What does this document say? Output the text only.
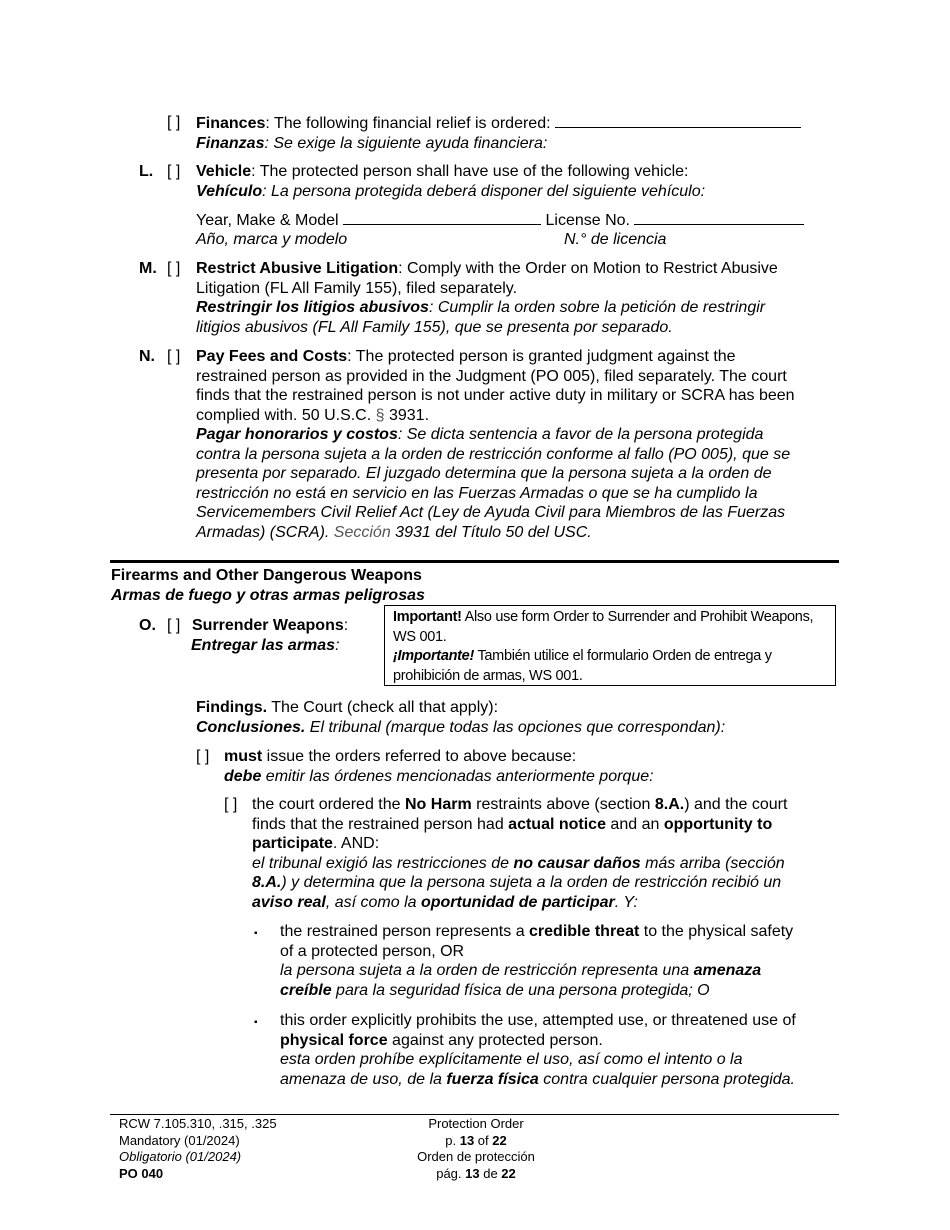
[ ] Finances: The following financial relief is ordered:
Finanzas: Se exige la siguiente ayuda financiera:
L. [ ] Vehicle: The protected person shall have use of the following vehicle:
Vehículo: La persona protegida deberá disponer del siguiente vehículo:
Year, Make & Model	License No.
Año, marca y modelo	N.° de licencia
M. [ ] Restrict Abusive Litigation: Comply with the Order on Motion to Restrict Abusive
Litigation (FL All Family 155), filed separately.
Restringir los litigios abusivos: Cumplir la orden sobre la petición de restringir
litigios abusivos (FL All Family 155), que se presenta por separado.
N. [ ] Pay Fees and Costs: The protected person is granted judgment against the
restrained person as provided in the Judgment (PO 005), filed separately. The court
finds that the restrained person is not under active duty in military or SCRA has been
complied with. 50 U.S.C. § 3931.
Pagar honorarios y costos: Se dicta sentencia a favor de la persona protegida
contra la persona sujeta a la orden de restricción conforme al fallo (PO 005), que se
presenta por separado. El juzgado determina que la persona sujeta a la orden de
restricción no está en servicio en las Fuerzas Armadas o que se ha cumplido la
Servicemembers Civil Relief Act (Ley de Ayuda Civil para Miembros de las Fuerzas
Armadas) (SCRA). Sección 3931 del Título 50 del USC.
Firearms and Other Dangerous Weapons
Armas de fuego y otras armas peligrosas
O. [ ] Surrender Weapons:
Entregar las armas:
Important! Also use form Order to Surrender and Prohibit Weapons,
WS 001.
¡Importante! También utilice el formulario Orden de entrega y
prohibición de armas, WS 001.
Findings. The Court (check all that apply):
Conclusiones. El tribunal (marque todas las opciones que correspondan):
[ ] must issue the orders referred to above because:
debe emitir las órdenes mencionadas anteriormente porque:
[ ] the court ordered the No Harm restraints above (section 8.A.) and the court
finds that the restrained person had actual notice and an opportunity to
participate. AND:
el tribunal exigió las restricciones de no causar daños más arriba (sección
8.A.) y determina que la persona sujeta a la orden de restricción recibió un
aviso real, así como la oportunidad de participar. Y:
▪ the restrained person represents a credible threat to the physical safety
of a protected person, OR
la persona sujeta a la orden de restricción representa una amenaza
creíble para la seguridad física de una persona protegida; O
▪ this order explicitly prohibits the use, attempted use, or threatened use of
physical force against any protected person.
esta orden prohíbe explícitamente el uso, así como el intento o la
amenaza de uso, de la fuerza física contra cualquier persona protegida.
RCW 7.105.310, .315, .325
Mandatory (01/2024)
Obligatorio (01/2024)
PO 040
Protection Order
p. 13 of 22
Orden de protección
pág. 13 de 22
